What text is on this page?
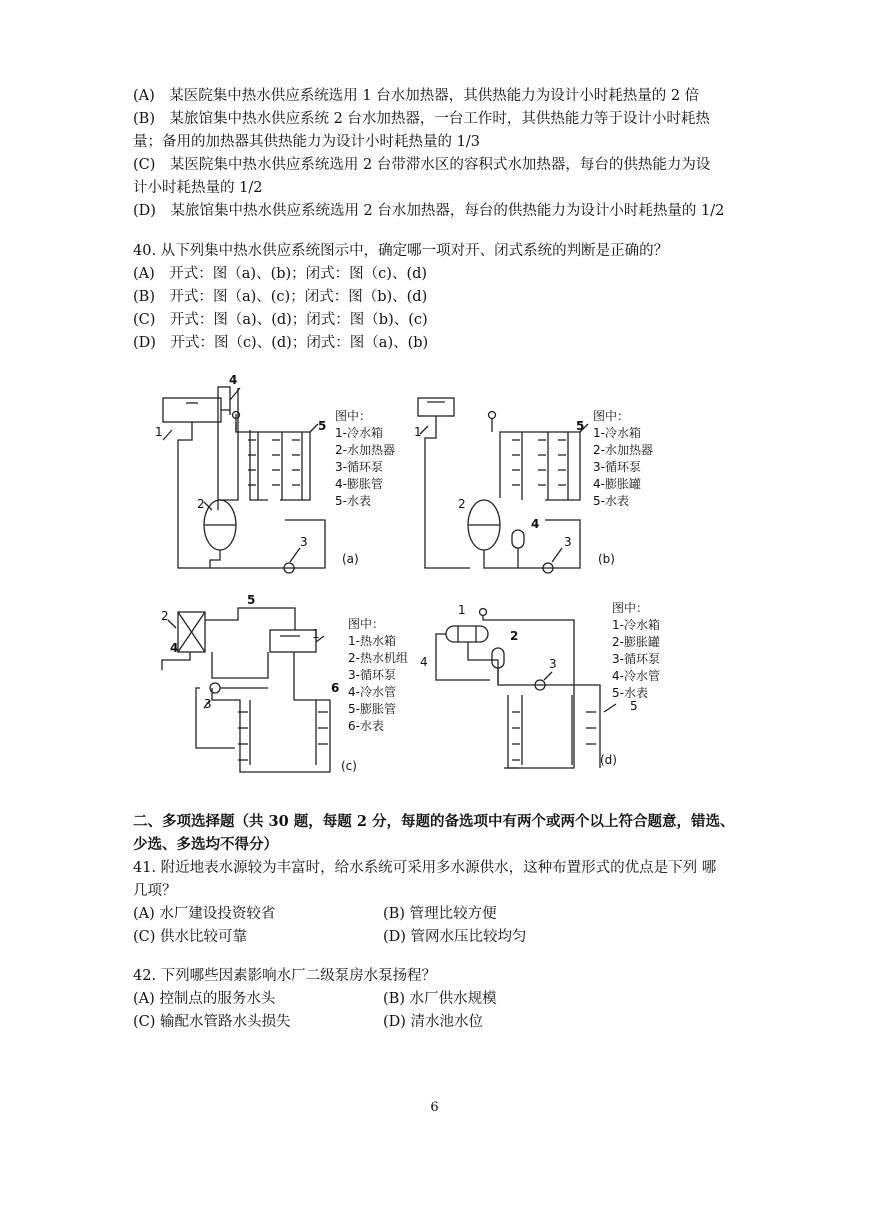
(A)　某医院集中热水供应系统选用 1 台水加热器，其供热能力为设计小时耗热量的 2 倍
(B)　某旅馆集中热水供应系统 2 台水加热器，一台工作时，其供热能力等于设计小时耗热
量；备用的加热器其供热能力为设计小时耗热量的 1/3
(C)　某医院集中热水供应系统选用 2 台带滞水区的容积式水加热器，每台的供热能力为设
计小时耗热量的 1/2
(D)　某旅馆集中热水供应系统选用 2 台水加热器，每台的供热能力为设计小时耗热量的 1/2
40. 从下列集中热水供应系统图示中，确定哪一项对开、闭式系统的判断是正确的？
(A)　开式：图（a)、(b)；闭式：图（c)、(d)
(B)　开式：图（a)、(c)；闭式：图（b)、(d)
(C)　开式：图（a)、(d)；闭式：图（b)、(c)
(D)　开式：图（c)、(d)；闭式：图（a)、(b)
4
1
2
3
5
(a)
图中：
1-冷水箱
2-水加热器
3-循环泵
4-膨胀管
5-水表
1
2
3
4
5
(b)
图中：
1-冷水箱
2-水加热器
3-循环泵
4-膨胀罐
5-水表
2
5
1
4
3
6
(c)
图中：
1-热水箱
2-热水机组
3-循环泵
4-冷水管
5-膨胀管
6-水表
1
2
3
4
5
(d)
图中：
1-冷水箱
2-膨胀罐
3-循环泵
4-冷水管
5-水表
二、多项选择题（共 30 题，每题 2 分，每题的备选项中有两个或两个以上符合题意，错选、
少选、多选均不得分）
41. 附近地表水源较为丰富时，给水系统可采用多水源供水，这种布置形式的优点是下列 哪
几项？
(A) 水厂建设投资较省	(B) 管理比较方便
(C) 供水比较可靠	(D) 管网水压比较均匀
42. 下列哪些因素影响水厂二级泵房水泵扬程？
(A) 控制点的服务水头	(B) 水厂供水规模
(C) 输配水管路水头损失	(D) 清水池水位
6
